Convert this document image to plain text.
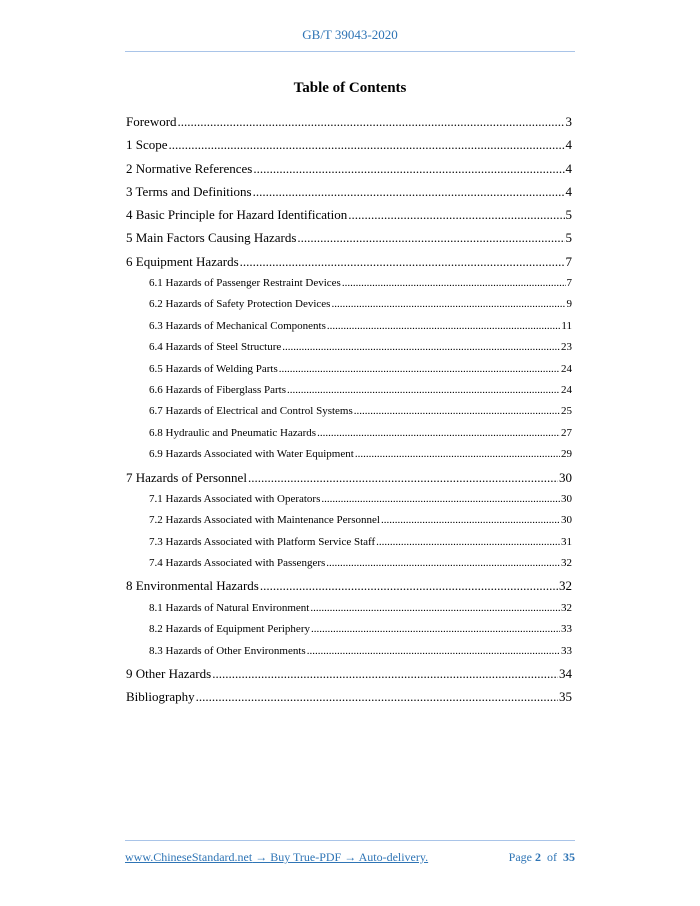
GB/T 39043-2020
Table of Contents
Foreword .....	3
1 Scope .....	4
2 Normative References .....	4
3 Terms and Definitions .....	4
4 Basic Principle for Hazard Identification .....	5
5 Main Factors Causing Hazards .....	5
6 Equipment Hazards .....	7
6.1 Hazards of Passenger Restraint Devices .....	7
6.2 Hazards of Safety Protection Devices .....	9
6.3 Hazards of Mechanical Components .....	11
6.4 Hazards of Steel Structure .....	23
6.5 Hazards of Welding Parts .....	24
6.6 Hazards of Fiberglass Parts .....	24
6.7 Hazards of Electrical and Control Systems .....	25
6.8 Hydraulic and Pneumatic Hazards .....	27
6.9 Hazards Associated with Water Equipment .....	29
7 Hazards of Personnel .....	30
7.1 Hazards Associated with Operators .....	30
7.2 Hazards Associated with Maintenance Personnel .....	30
7.3 Hazards Associated with Platform Service Staff .....	31
7.4 Hazards Associated with Passengers .....	32
8 Environmental Hazards .....	32
8.1 Hazards of Natural Environment .....	32
8.2 Hazards of Equipment Periphery .....	33
8.3 Hazards of Other Environments .....	33
9 Other Hazards .....	34
Bibliography .....	35
www.ChineseStandard.net → Buy True-PDF → Auto-delivery.	Page 2 of 35
